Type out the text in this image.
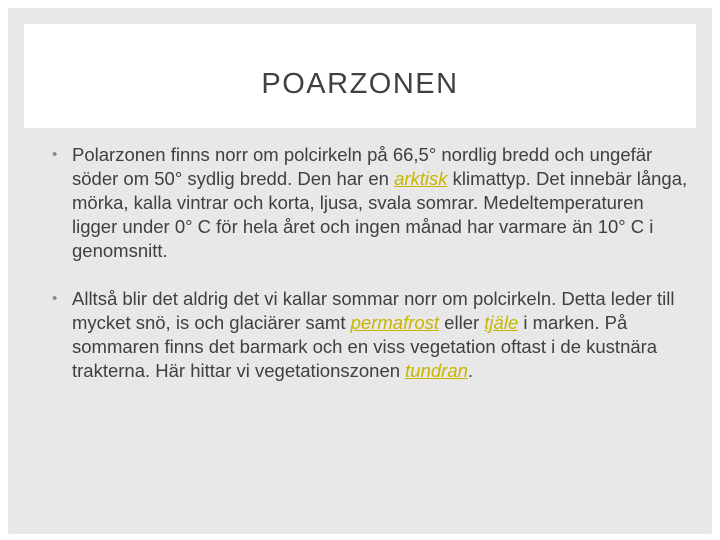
POARZONEN
• Polarzonen finns norr om polcirkeln på 66,5° nordlig bredd och ungefär söder om 50° sydlig bredd. Den har en arktisk klimattyp. Det innebär långa, mörka, kalla vintrar och korta, ljusa, svala somrar. Medeltemperaturen ligger under 0° C för hela året och ingen månad har varmare än 10° C i genomsnitt.
• Alltså blir det aldrig det vi kallar sommar norr om polcirkeln. Detta leder till mycket snö, is och glaciärer samt permafrost eller tjäle i marken. På sommaren finns det barmark och en viss vegetation oftast i de kustnära trakterna. Här hittar vi vegetationszonen tundran.
